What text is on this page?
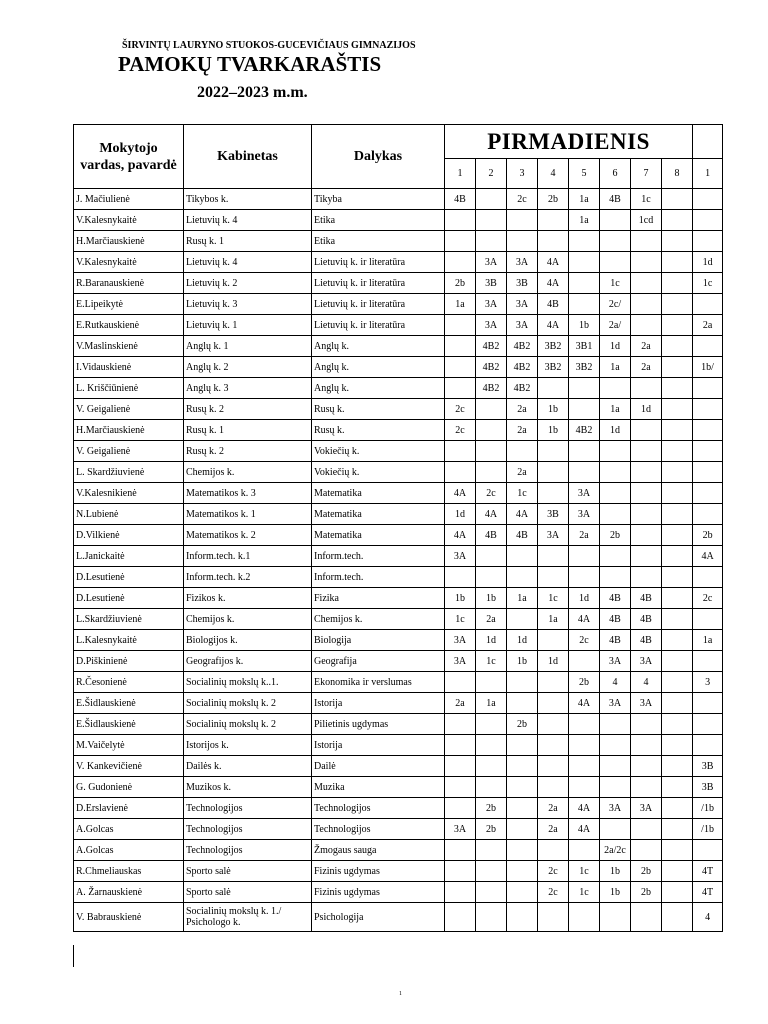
ŠIRVINTŲ LAURYNO STUOKOS-GUCEVIČIAUS GIMNAZIJOS
PAMOKŲ TVARKARAŠTIS
2022–2023 m.m.
Mokytojo vardas, pavardė	Kabinetas	Dalykas	PIRMADIENIS								
			1	2	3	4	5	6	7	8	1
J. Mačiulienė	Tikybos k.	Tikyba	4B		2c	2b	1a	4B	1c		
V.Kalesnykaitė	Lietuvių k. 4	Etika					1a		1cd		
H.Marčiauskienė	Rusų k. 1	Etika									
V.Kalesnykaitė	Lietuvių k. 4	Lietuvių k. ir literatūra		3A	3A	4A					1d
R.Baranauskienė	Lietuvių k. 2	Lietuvių k. ir literatūra	2b	3B	3B	4A		1c			1c
E.Lipeikytė	Lietuvių k. 3	Lietuvių k. ir literatūra	1a	3A	3A	4B		2c/			
E.Rutkauskienė	Lietuvių k. 1	Lietuvių k. ir literatūra		3A	3A	4A	1b	2a/			2a
V.Maslinskienė	Anglų k. 1	Anglų k.		4B2	4B2	3B2	3B1	1d	2a		
I.Vidauskienė	Anglų k. 2	Anglų k.		4B2	4B2	3B2	3B2	1a	2a		1b/
L. Kriščiūnienė	Anglų k. 3	Anglų k.		4B2	4B2						
V. Geigalienė	Rusų k. 2	Rusų k.	2c		2a	1b		1a	1d		
H.Marčiauskienė	Rusų k. 1	Rusų k.	2c		2a	1b	4B2	1d			
V. Geigalienė	Rusų k. 2	Vokiečių k.									
L. Skardžiuvienė	Chemijos k.	Vokiečių k.			2a						
V.Kalesnikienė	Matematikos k. 3	Matematika	4A	2c	1c		3A				
N.Lubienė	Matematikos k. 1	Matematika	1d	4A	4A	3B	3A				
D.Vilkienė	Matematikos k. 2	Matematika	4A	4B	4B	3A	2a	2b			2b
L.Janickaitė	Inform.tech. k.1	Inform.tech.	3A								4A
D.Lesutienė	Inform.tech. k.2	Inform.tech.									
D.Lesutienė	Fizikos k.	Fizika	1b	1b	1a	1c	1d	4B	4B		2c
L.Skardžiuvienė	Chemijos k.	Chemijos k.	1c	2a		1a	4A	4B	4B		
L.Kalesnykaitė	Biologijos k.	Biologija	3A	1d	1d		2c	4B	4B		1a
D.Piškinienė	Geografijos k.	Geografija	3A	1c	1b	1d		3A	3A		
R.Česonienė	Socialinių mokslų k..1.	Ekonomika ir verslumas					2b	4	4		3
E.Šidlauskienė	Socialinių mokslų k. 2	Istorija	2a	1a			4A	3A	3A		
E.Šidlauskienė	Socialinių mokslų k. 2	Pilietinis ugdymas			2b						
M.Vaičelytė	Istorijos k.	Istorija									
V. Kankevičienė	Dailės k.	Dailė									3B
G. Gudonienė	Muzikos k.	Muzika									3B
D.Erslavienė	Technologijos	Technologijos		2b		2a	4A	3A	3A		/1b
A.Golcas	Technologijos	Technologijos	3A	2b		2a	4A				/1b
A.Golcas	Technologijos	Žmogaus sauga						2a/2c			
R.Chmeliauskas	Sporto salė	Fizinis ugdymas				2c	1c	1b	2b		4T
A. Žarnauskienė	Sporto salė	Fizinis ugdymas				2c	1c	1b	2b		4T
V. Babrauskienė	Socialinių mokslų k. 1./ Psichologo k.	Psichologija									4
1
